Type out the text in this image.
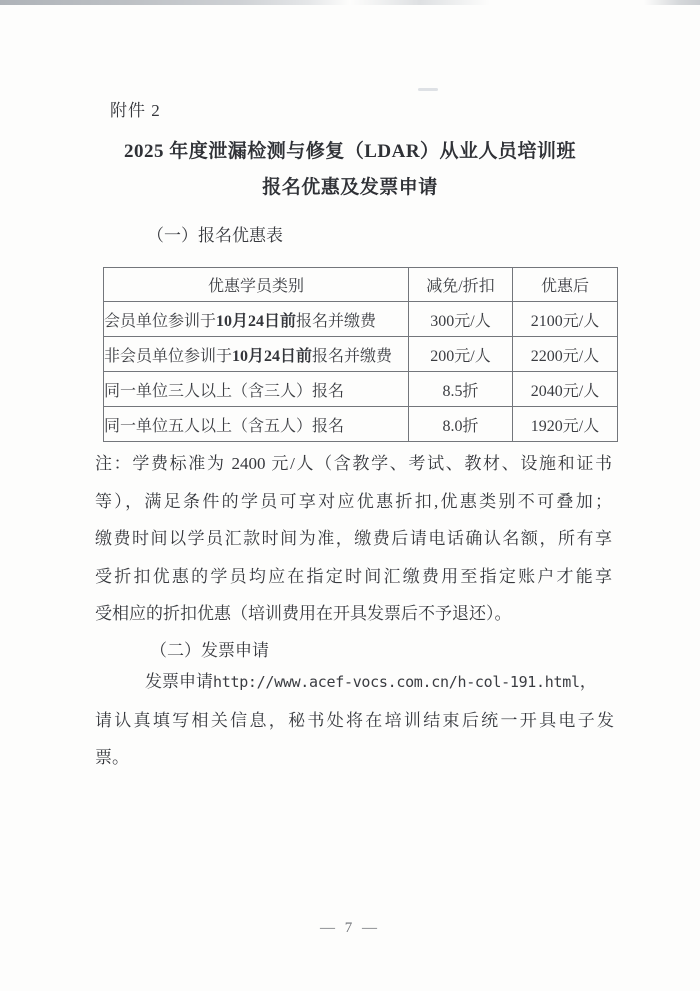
附件 2
2025 年度泄漏检测与修复（LDAR）从业人员培训班
报名优惠及发票申请
（一）报名优惠表
优惠学员类别	减免/折扣	优惠后
会员单位参训于10月24日前报名并缴费	300元/人	2100元/人
非会员单位参训于10月24日前报名并缴费	200元/人	2200元/人
同一单位三人以上（含三人）报名	8.5折	2040元/人
同一单位五人以上（含五人）报名	8.0折	1920元/人
注：学费标准为 2400 元/人（含教学、考试、教材、设施和证书
等），满足条件的学员可享对应优惠折扣,优惠类别不可叠加；
缴费时间以学员汇款时间为准，缴费后请电话确认名额，所有享
受折扣优惠的学员均应在指定时间汇缴费用至指定账户才能享
受相应的折扣优惠（培训费用在开具发票后不予退还）。
（二）发票申请
发票申请http://www.acef-vocs.com.cn/h-col-191.html，
请认真填写相关信息，秘书处将在培训结束后统一开具电子发
票。
— 7 —
